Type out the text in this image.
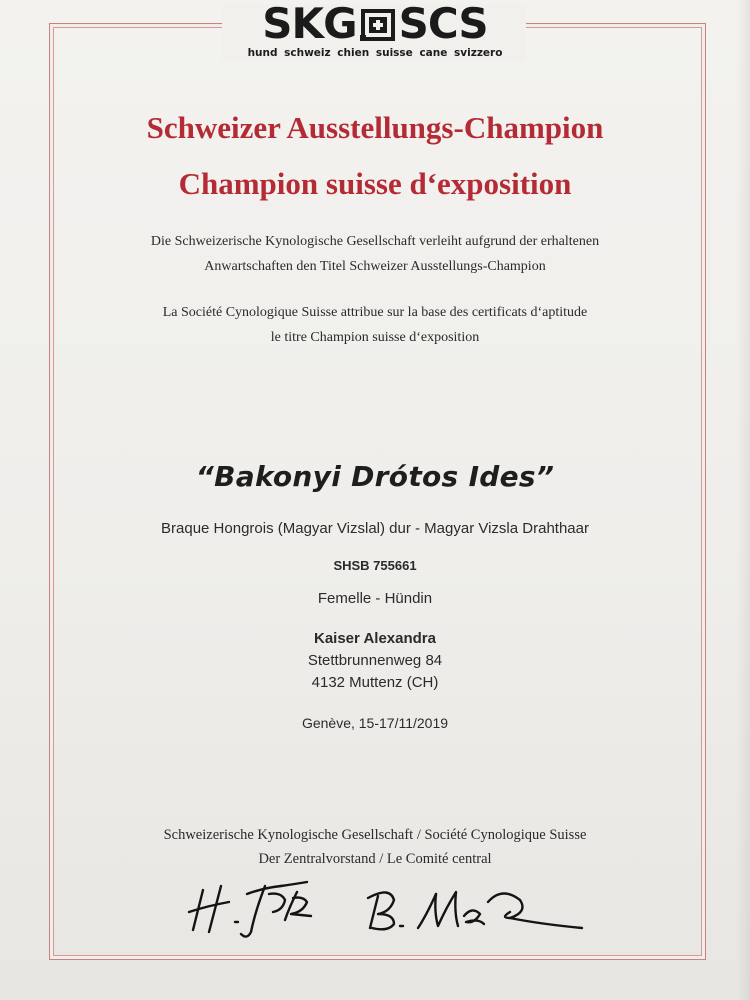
SKG SCS
hund schweiz chien suisse cane svizzero
Schweizer Ausstellungs-Champion
Champion suisse d‘exposition
Die Schweizerische Kynologische Gesellschaft verleiht aufgrund der erhaltenen
Anwartschaften den Titel Schweizer Ausstellungs-Champion
La Société Cynologique Suisse attribue sur la base des certificats d‘aptitude
le titre Champion suisse d‘exposition
“Bakonyi Drótos Ides”
Braque Hongrois (Magyar Vizslal) dur - Magyar Vizsla Drahthaar
SHSB 755661
Femelle - Hündin
Kaiser Alexandra
Stettbrunnenweg 84
4132 Muttenz (CH)
Genève, 15-17/11/2019
Schweizerische Kynologische Gesellschaft / Société Cynologique Suisse
Der Zentralvorstand / Le Comité central
